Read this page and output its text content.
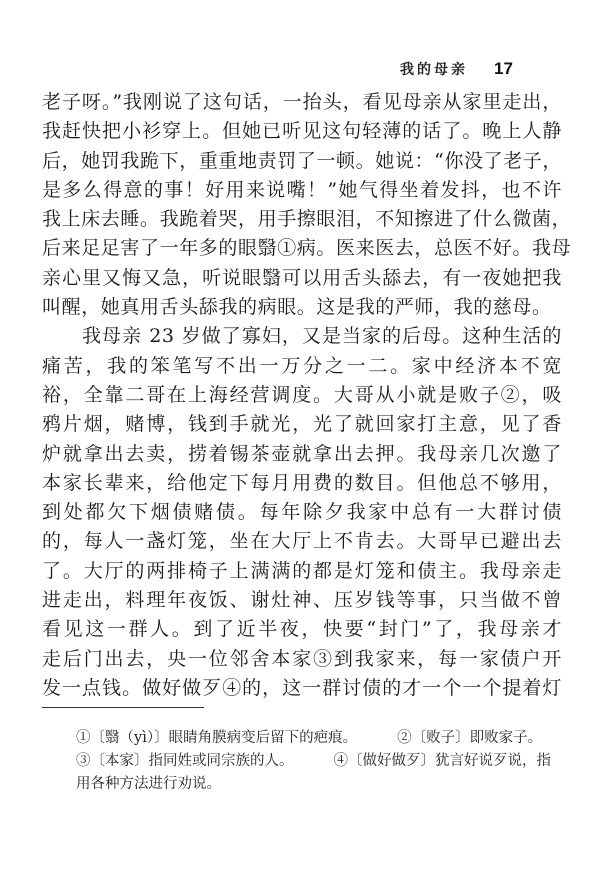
我的母亲 17
老子呀。”我刚说了这句话，一抬头，看见母亲从家里走出，
我赶快把小衫穿上。但她已听见这句轻薄的话了。晚上人静
后，她罚我跪下，重重地责罚了一顿。她说：“你没了老子，
是多么得意的事！好用来说嘴！”她气得坐着发抖，也不许
我上床去睡。我跪着哭，用手擦眼泪，不知擦进了什么微菌，
后来足足害了一年多的眼翳①病。医来医去，总医不好。我母
亲心里又悔又急，听说眼翳可以用舌头舔去，有一夜她把我
叫醒，她真用舌头舔我的病眼。这是我的严师，我的慈母。
我母亲 23 岁做了寡妇，又是当家的后母。这种生活的
痛苦，我的笨笔写不出一万分之一二。家中经济本不宽
裕，全靠二哥在上海经营调度。大哥从小就是败子②，吸
鸦片烟，赌博，钱到手就光，光了就回家打主意，见了香
炉就拿出去卖，捞着锡茶壶就拿出去押。我母亲几次邀了
本家长辈来，给他定下每月用费的数目。但他总不够用，
到处都欠下烟债赌债。每年除夕我家中总有一大群讨债
的，每人一盏灯笼，坐在大厅上不肯去。大哥早已避出去
了。大厅的两排椅子上满满的都是灯笼和债主。我母亲走
进走出，料理年夜饭、谢灶神、压岁钱等事，只当做不曾
看见这一群人。到了近半夜，快要“封门”了，我母亲才
走后门出去，央一位邻舍本家③到我家来，每一家债户开
发一点钱。做好做歹④的，这一群讨债的才一个一个提着灯
①〔翳（yì）〕眼睛角膜病变后留下的疤痕。	②〔败子〕即败家子。
③〔本家〕指同姓或同宗族的人。	④〔做好做歹〕犹言好说歹说，指
用各种方法进行劝说。
